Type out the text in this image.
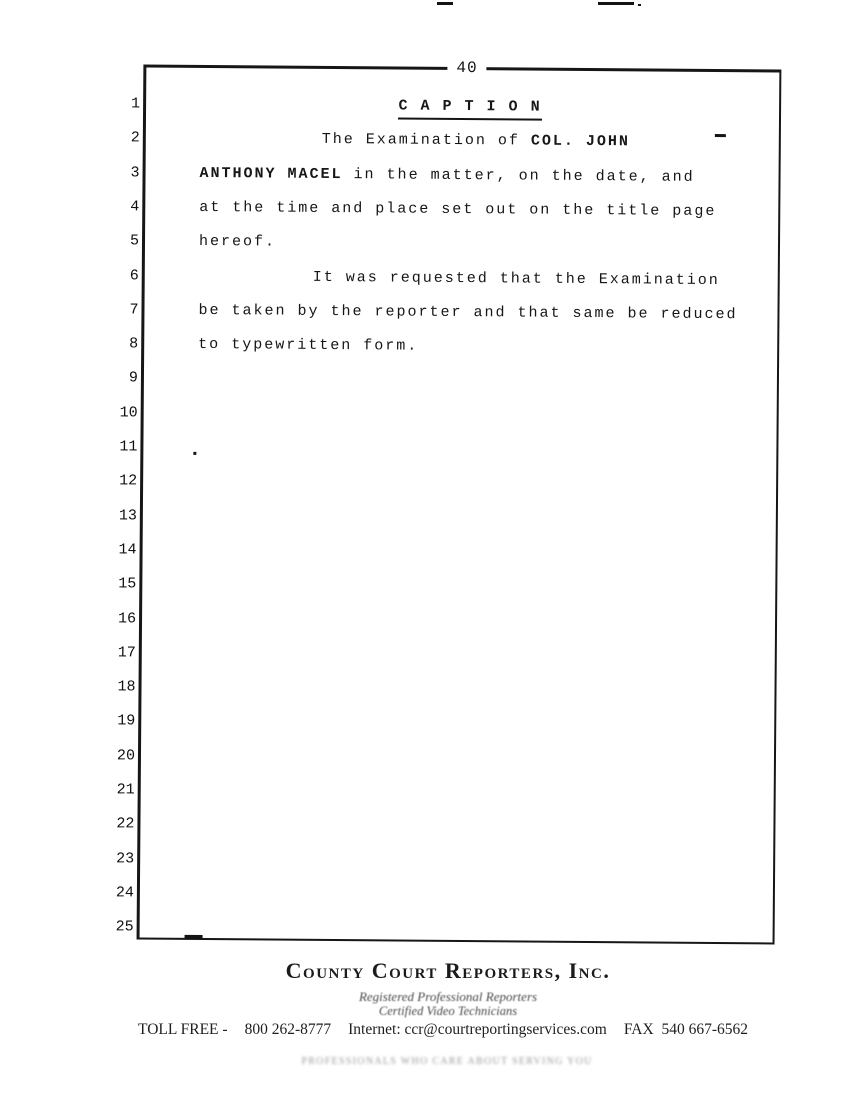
40
1
2
3
4
5
6
7
8
9
10
11
12
13
14
15
16
17
18
19
20
21
22
23
24
25
C A P T I O N
The Examination of COL. JOHN
ANTHONY MACEL in the matter, on the date, and
at the time and place set out on the title page
hereof.
It was requested that the Examination
be taken by the reporter and that same be reduced
to typewritten form.
County Court Reporters, Inc.
Registered Professional Reporters
Certified Video Technicians
TOLL FREE - 800 262-8777 Internet: ccr@courtreportingservices.com FAX  540 667-6562
PROFESSIONALS WHO CARE ABOUT SERVING YOU
